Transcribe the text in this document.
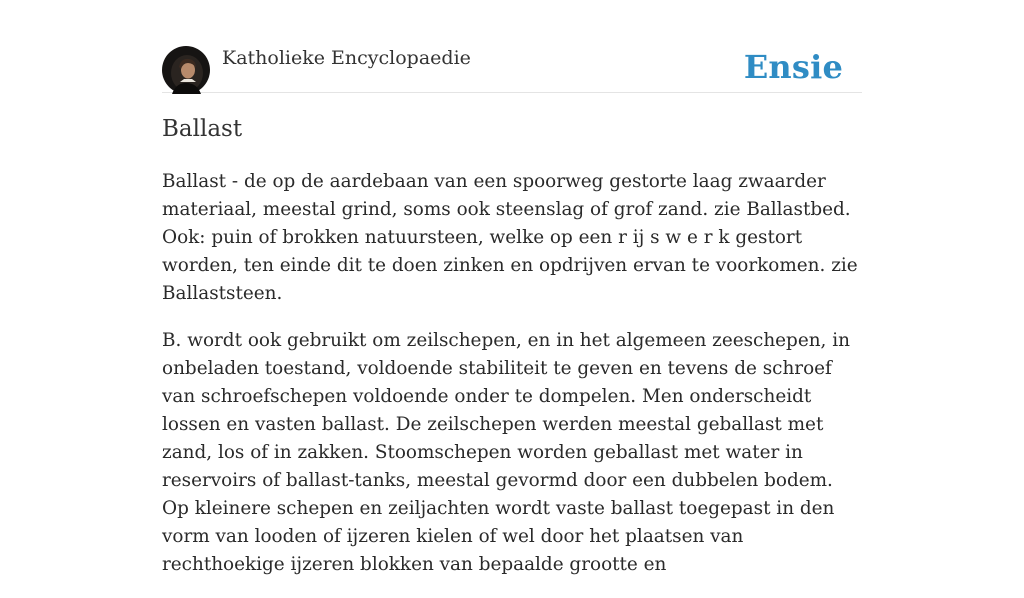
Katholieke Encyclopaedie	Ensie
Ballast

Ballast - de op de aardebaan van een spoorweg gestorte laag zwaarder materiaal, meestal grind, soms ook steenslag of grof zand. zie Ballastbed. Ook: puin of brokken natuursteen, welke op een r ij s w e r k gestort worden, ten einde dit te doen zinken en opdrijven ervan te voorkomen. zie Ballaststeen.

B. wordt ook gebruikt om zeilschepen, en in het algemeen zeeschepen, in onbeladen toestand, voldoende stabiliteit te geven en tevens de schroef van schroefschepen voldoende onder te dompelen. Men onderscheidt lossen en vasten ballast. De zeilschepen werden meestal geballast met zand, los of in zakken. Stoomschepen worden geballast met water in reservoirs of ballast-tanks, meestal gevormd door een dubbelen bodem. Op kleinere schepen en zeiljachten wordt vaste ballast toegepast in den vorm van looden of ijzeren kielen of wel door het plaatsen van rechthoekige ijzeren blokken van bepaalde grootte en
